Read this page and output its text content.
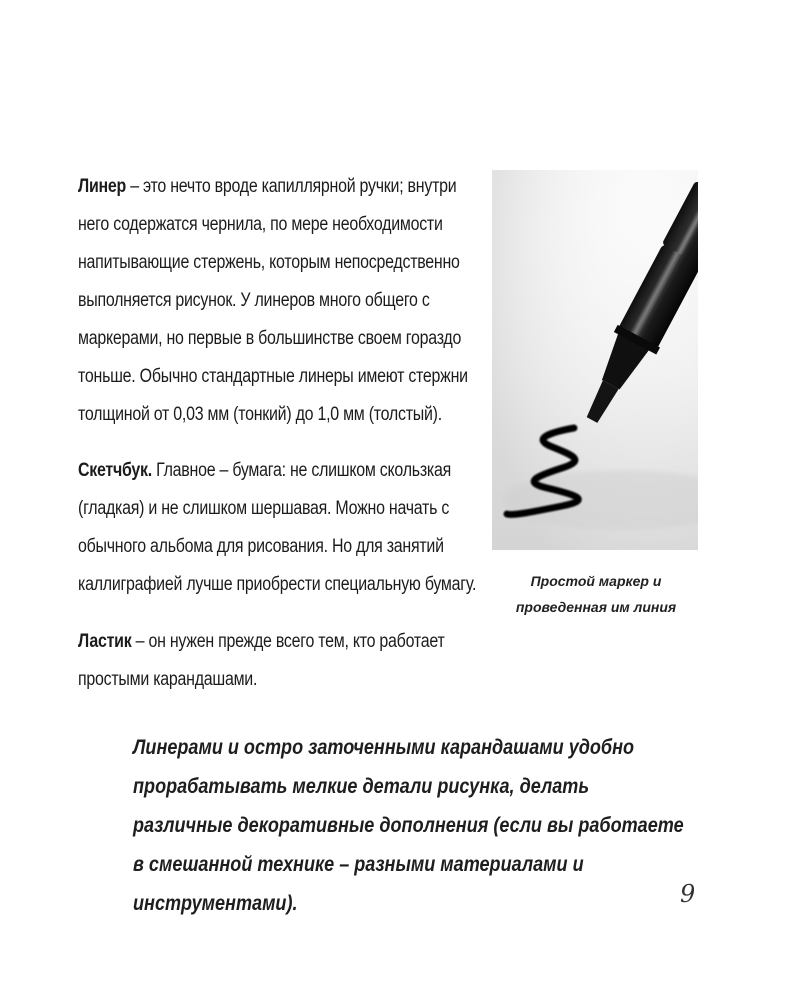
Линер – это нечто вроде капиллярной ручки; внутри него содержатся чернила, по мере необходимости напитывающие стержень, которым непосредственно выполняется рисунок. У линеров много общего с маркерами, но первые в большинстве своем гораздо тоньше. Обычно стандартные линеры имеют стержни толщиной от 0,03 мм (тонкий) до 1,0 мм (толстый).

Скетчбук. Главное – бумага: не слишком скользкая (гладкая) и не слишком шершавая. Можно начать с обычного альбома для рисования. Но для занятий каллиграфией лучше приобрести специальную бумагу.

Ластик – он нужен прежде всего тем, кто работает простыми карандашами.

Простой маркер и проведенная им линия

Линерами и остро заточенными карандашами удобно прорабатывать мелкие детали рисунка, делать различные декоративные дополнения (если вы работаете в смешанной технике – разными материалами и инструментами).	9
